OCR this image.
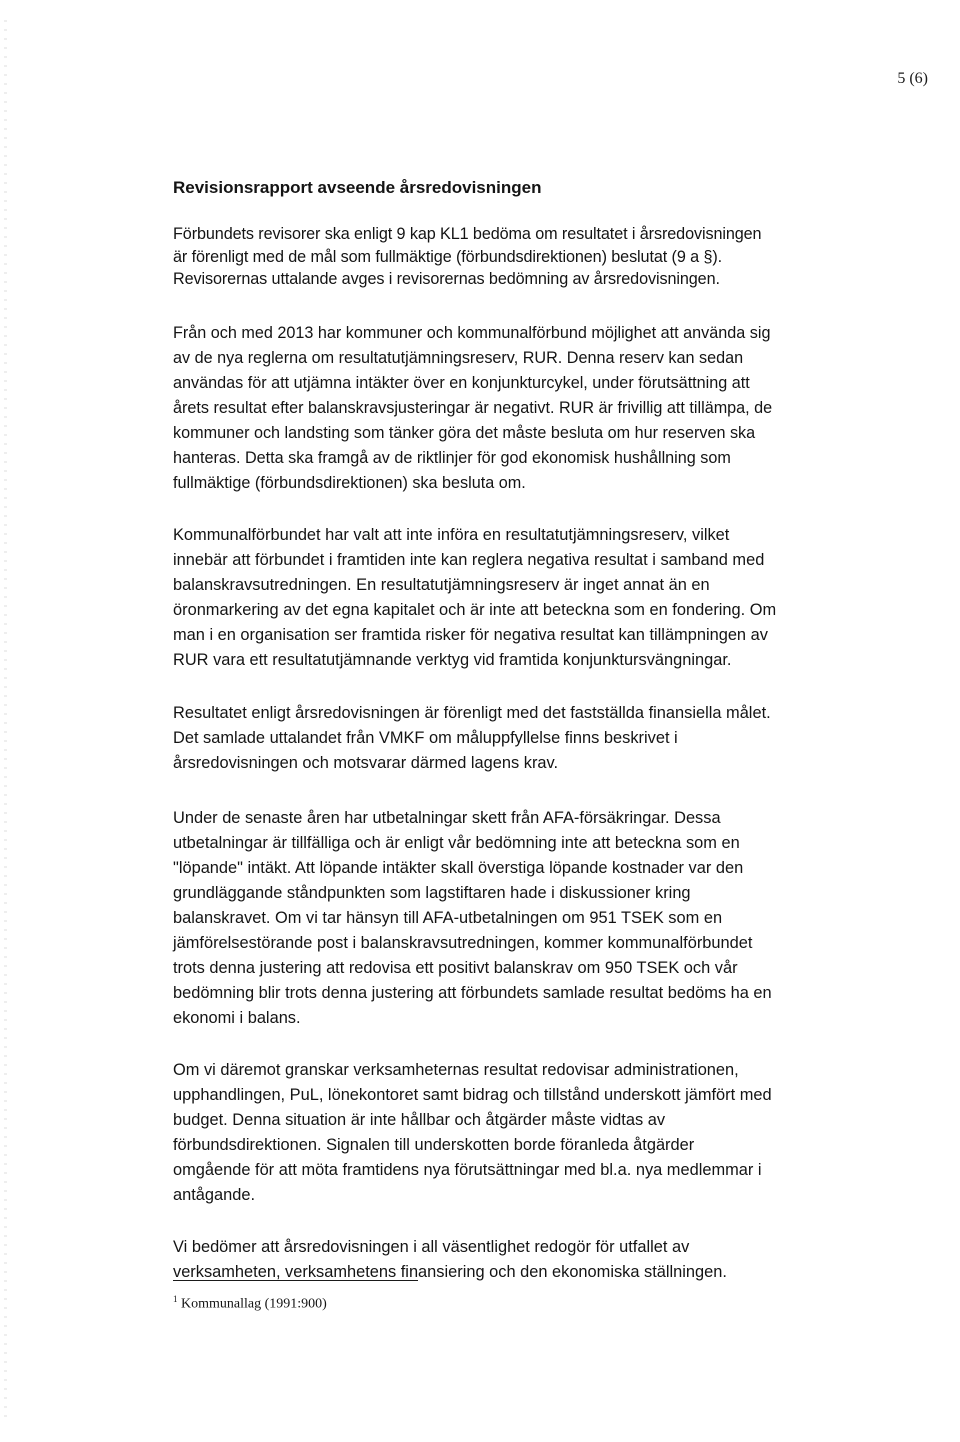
5 (6)
Revisionsrapport avseende årsredovisningen
Förbundets revisorer ska enligt 9 kap KL1 bedöma om resultatet i årsredovisningen
är förenligt med de mål som fullmäktige (förbundsdirektionen) beslutat (9 a §).
Revisorernas uttalande avges i revisorernas bedömning av årsredovisningen.
Från och med 2013 har kommuner och kommunalförbund möjlighet att använda sig
av de nya reglerna om resultatutjämningsreserv, RUR. Denna reserv kan sedan
användas för att utjämna intäkter över en konjunkturcykel, under förutsättning att
årets resultat efter balanskravsjusteringar är negativt. RUR är frivillig att tillämpa, de
kommuner och landsting som tänker göra det måste besluta om hur reserven ska
hanteras. Detta ska framgå av de riktlinjer för god ekonomisk hushållning som
fullmäktige (förbundsdirektionen) ska besluta om.
Kommunalförbundet har valt att inte införa en resultatutjämningsreserv, vilket
innebär att förbundet i framtiden inte kan reglera negativa resultat i samband med
balanskravsutredningen. En resultatutjämningsreserv är inget annat än en
öronmarkering av det egna kapitalet och är inte att beteckna som en fondering. Om
man i en organisation ser framtida risker för negativa resultat kan tillämpningen av
RUR vara ett resultatutjämnande verktyg vid framtida konjunktursvängningar.
Resultatet enligt årsredovisningen är förenligt med det fastställda finansiella målet.
Det samlade uttalandet från VMKF om måluppfyllelse finns beskrivet i
årsredovisningen och motsvarar därmed lagens krav.
Under de senaste åren har utbetalningar skett från AFA-försäkringar. Dessa
utbetalningar är tillfälliga och är enligt vår bedömning inte att beteckna som en
"löpande" intäkt. Att löpande intäkter skall överstiga löpande kostnader var den
grundläggande ståndpunkten som lagstiftaren hade i diskussioner kring
balanskravet. Om vi tar hänsyn till AFA-utbetalningen om 951 TSEK som en
jämförelsestörande post i balanskravsutredningen, kommer kommunalförbundet
trots denna justering att redovisa ett positivt balanskrav om 950 TSEK och vår
bedömning blir trots denna justering att förbundets samlade resultat bedöms ha en
ekonomi i balans.
Om vi däremot granskar verksamheternas resultat redovisar administrationen,
upphandlingen, PuL, lönekontoret samt bidrag och tillstånd underskott jämfört med
budget. Denna situation är inte hållbar och åtgärder måste vidtas av
förbundsdirektionen. Signalen till underskotten borde föranleda åtgärder
omgående för att möta framtidens nya förutsättningar med bl.a. nya medlemmar i
antågande.
Vi bedömer att årsredovisningen i all väsentlighet redogör för utfallet av
verksamheten, verksamhetens finansiering och den ekonomiska ställningen.
$^1$ Kommunallag (1991:900)
